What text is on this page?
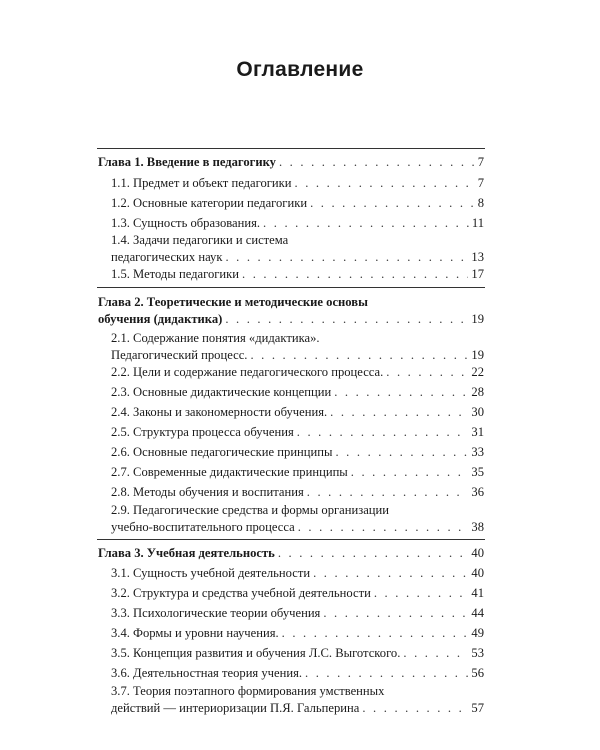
Оглавление
Глава 1. Введение в педагогику . . .	7
1.1. Предмет и объект педагогики . . .	7
1.2. Основные категории педагогики . . .	8
1.3. Сущность образования. . . .	11
1.4. Задачи педагогики и система
педагогических наук . . .	13
1.5. Методы педагогики . . .	17
Глава 2. Теоретические и методические основы
обучения (дидактика) . . .	19
2.1. Содержание понятия «дидактика».
Педагогический процесс. . . .	19
2.2. Цели и содержание педагогического процесса. . . .	22
2.3. Основные дидактические концепции . . .	28
2.4. Законы и закономерности обучения. . . .	30
2.5. Структура процесса обучения . . .	31
2.6. Основные педагогические принципы . . .	33
2.7. Современные дидактические принципы . . .	35
2.8. Методы обучения и воспитания . . .	36
2.9. Педагогические средства и формы организации
учебно-воспитательного процесса . . .	38
Глава 3. Учебная деятельность . . .	40
3.1. Сущность учебной деятельности . . .	40
3.2. Структура и средства учебной деятельности . . .	41
3.3. Психологические теории обучения . . .	44
3.4. Формы и уровни научения. . . .	49
3.5. Концепция развития и обучения Л.С. Выготского. . . .	53
3.6. Деятельностная теория учения. . . .	56
3.7. Теория поэтапного формирования умственных
действий — интериоризации П.Я. Гальперина . . .	57
